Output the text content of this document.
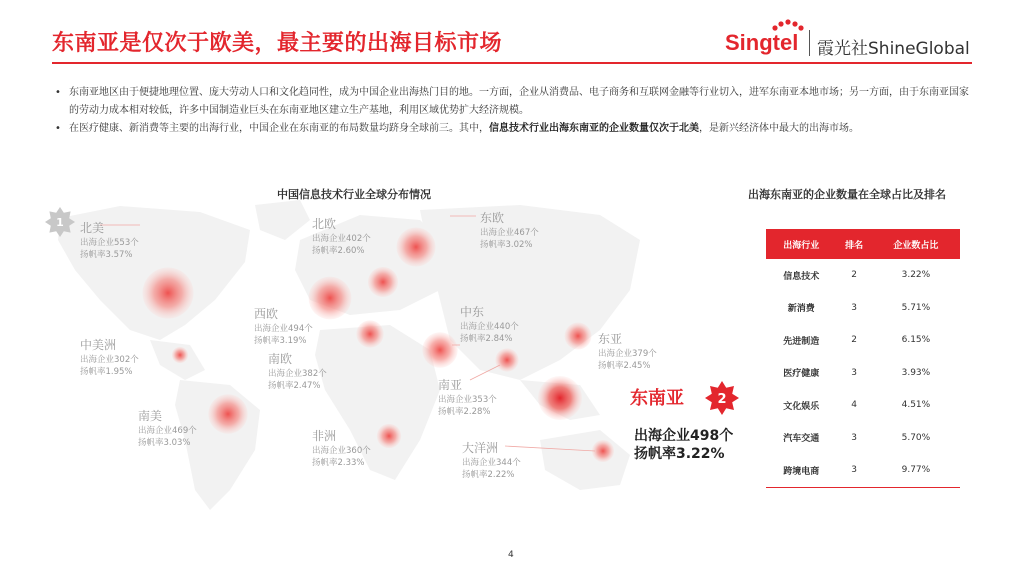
东南亚是仅次于欧美，最主要的出海目标市场	Singtel 霞光社ShineGlobal

• 东南亚地区由于便捷地理位置、庞大劳动人口和文化趋同性，成为中国企业出海热门目的地。一方面，企业从消费品、电子商务和互联网金融等行业切入，进军东南亚本地市场；另一方面，由于东南亚国家的劳动力成本相对较低，许多中国制造业巨头在东南亚地区建立生产基地，利用区域优势扩大经济规模。

• 在医疗健康、新消费等主要的出海行业，中国企业在东南亚的布局数量均跻身全球前三。其中，信息技术行业出海东南亚的企业数量仅次于北美，是新兴经济体中最大的出海市场。

中国信息技术行业全球分布情况	出海东南亚的企业数量在全球占比及排名
1 北美
出海企业553个
扬帆率3.57%
北欧
出海企业402个
扬帆率2.60%
东欧
出海企业467个
扬帆率3.02%
西欧
出海企业494个
扬帆率3.19%
中东
出海企业440个
扬帆率2.84%	东亚
出海企业379个
扬帆率2.45%
中美洲
出海企业302个
扬帆率1.95%
南欧
出海企业382个
扬帆率2.47%	南亚
出海企业353个
扬帆率2.28%
南美
出海企业469个
扬帆率3.03%	非洲
出海企业360个
扬帆率2.33%
大洋洲
出海企业344个
扬帆率2.22%
东南亚	2
出海企业498个
扬帆率3.22%
出海行业	排名	企业数占比
信息技术	2	3.22%
新消费	3	5.71%
先进制造	2	6.15%
医疗健康	3	3.93%
文化娱乐	4	4.51%
汽车交通	3	5.70%
跨境电商	3	9.77%
4
